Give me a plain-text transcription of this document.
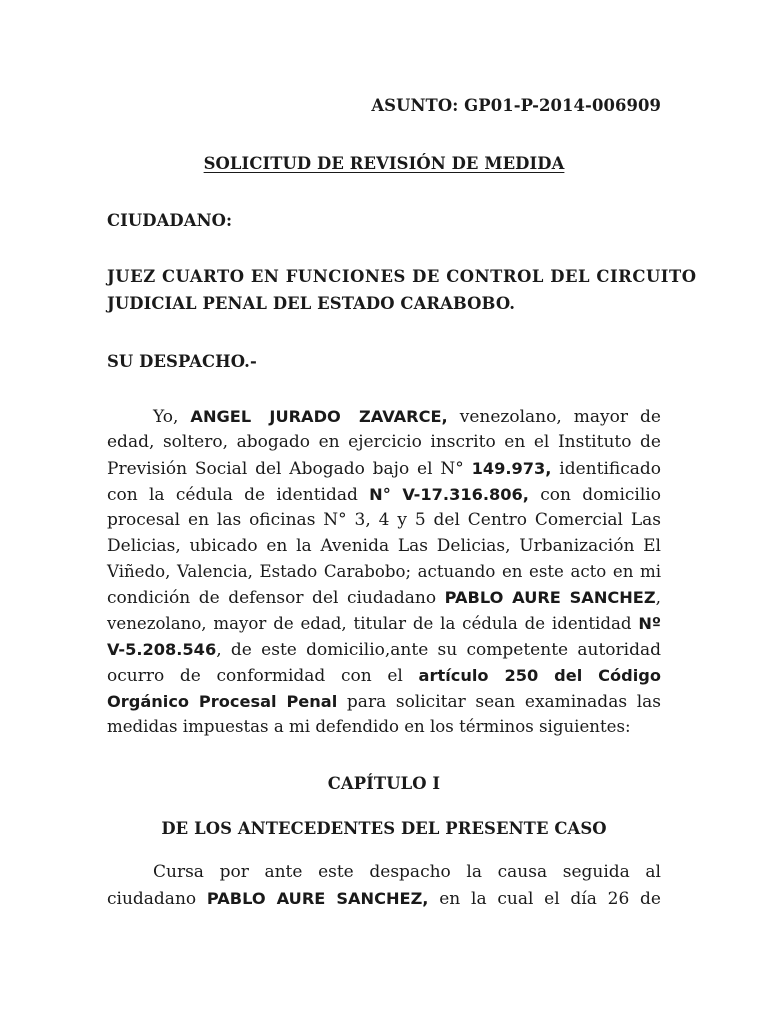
ASUNTO: GP01-P-2014-006909
SOLICITUD DE REVISIÓN DE MEDIDA
CIUDADANO:
JUEZ CUARTO EN FUNCIONES DE CONTROL DEL CIRCUITO
JUDICIAL PENAL DEL ESTADO CARABOBO.
SU DESPACHO.-
Yo, ANGEL JURADO ZAVARCE, venezolano, mayor de
edad, soltero, abogado en ejercicio inscrito en el Instituto de
Previsión Social del Abogado bajo el N° 149.973, identificado
con la cédula de identidad N° V-17.316.806, con domicilio
procesal en las oficinas N° 3, 4 y 5 del Centro Comercial Las
Delicias, ubicado en la Avenida Las Delicias, Urbanización El
Viñedo, Valencia, Estado Carabobo; actuando en este acto en mi
condición de defensor del ciudadano PABLO AURE SANCHEZ,
venezolano, mayor de edad, titular de la cédula de identidad Nº
V-5.208.546, de este domicilio,ante su competente autoridad
ocurro de conformidad con el artículo 250 del Código
Orgánico Procesal Penal para solicitar sean examinadas las
medidas impuestas a mi defendido en los términos siguientes:
CAPÍTULO I
DE LOS ANTECEDENTES DEL PRESENTE CASO
Cursa por ante este despacho la causa seguida al
ciudadano PABLO AURE SANCHEZ, en la cual el día 26 de
